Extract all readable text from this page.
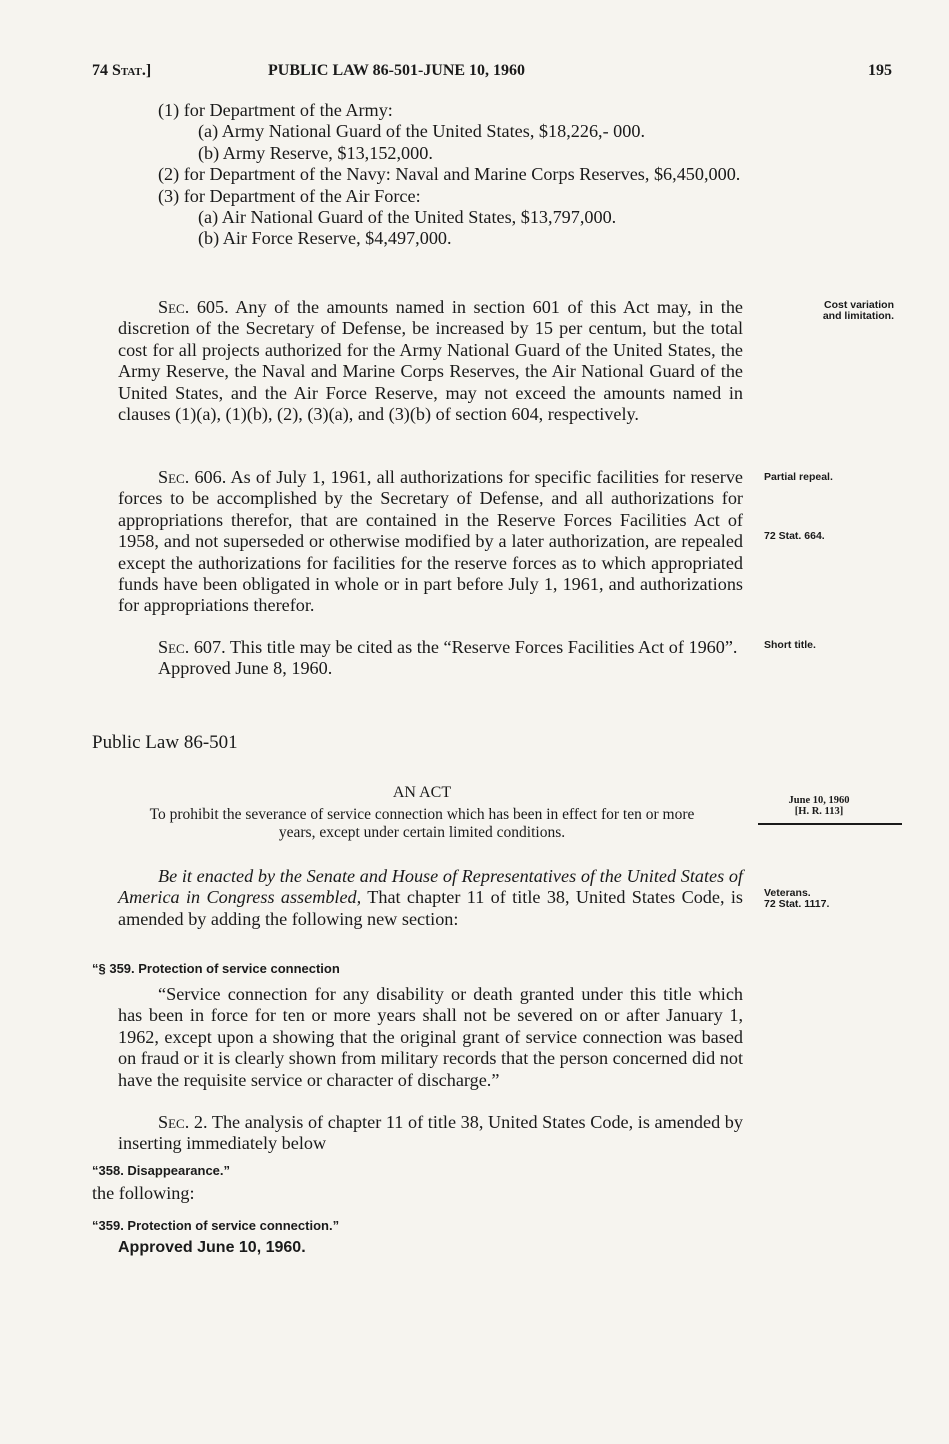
74 Stat.]	PUBLIC LAW 86-501-JUNE 10, 1960	195

(1) for Department of the Army:

(a) Army National Guard of the United States, $18,226,- 000.

(b) Army Reserve, $13,152,000.

(2) for Department of the Navy: Naval and Marine Corps Reserves, $6,450,000.

(3) for Department of the Air Force:

(a) Air National Guard of the United States, $13,797,000.

(b) Air Force Reserve, $4,497,000.

Sec. 605. Any of the amounts named in section 601 of this Act may, in the discretion of the Secretary of Defense, be increased by 15 per centum, but the total cost for all projects authorized for the Army National Guard of the United States, the Army Reserve, the Naval and Marine Corps Reserves, the Air National Guard of the United States, and the Air Force Reserve, may not exceed the amounts named in clauses (1)(a), (1)(b), (2), (3)(a), and (3)(b) of section 604, respectively.

Sec. 606. As of July 1, 1961, all authorizations for specific facilities for reserve forces to be accomplished by the Secretary of Defense, and all authorizations for appropriations therefor, that are contained in the Reserve Forces Facilities Act of 1958, and not superseded or otherwise modified by a later authorization, are repealed except the authorizations for facilities for the reserve forces as to which appropriated funds have been obligated in whole or in part before July 1, 1961, and authorizations for appropriations therefor.

Sec. 607. This title may be cited as the “Reserve Forces Facilities Act of 1960”.

Approved June 8, 1960.

Public Law 86-501
AN ACT
To prohibit the severance of service connection which has been in effect for ten or more years, except under certain limited conditions.

Be it enacted by the Senate and House of Representatives of the United States of America in Congress assembled, That chapter 11 of title 38, United States Code, is amended by adding the following new section:

“§ 359. Protection of service connection

“Service connection for any disability or death granted under this title which has been in force for ten or more years shall not be severed on or after January 1, 1962, except upon a showing that the original grant of service connection was based on fraud or it is clearly shown from military records that the person concerned did not have the requisite service or character of discharge.”

Sec. 2. The analysis of chapter 11 of title 38, United States Code, is amended by inserting immediately below

“358. Disappearance.”
the following:
“359. Protection of service connection.”
Approved June 10, 1960.
Cost variation
and limitation.
Partial repeal.
72 Stat. 664.
Short title.
June 10, 1960
[H. R. 113]
Veterans.
72 Stat. 1117.
